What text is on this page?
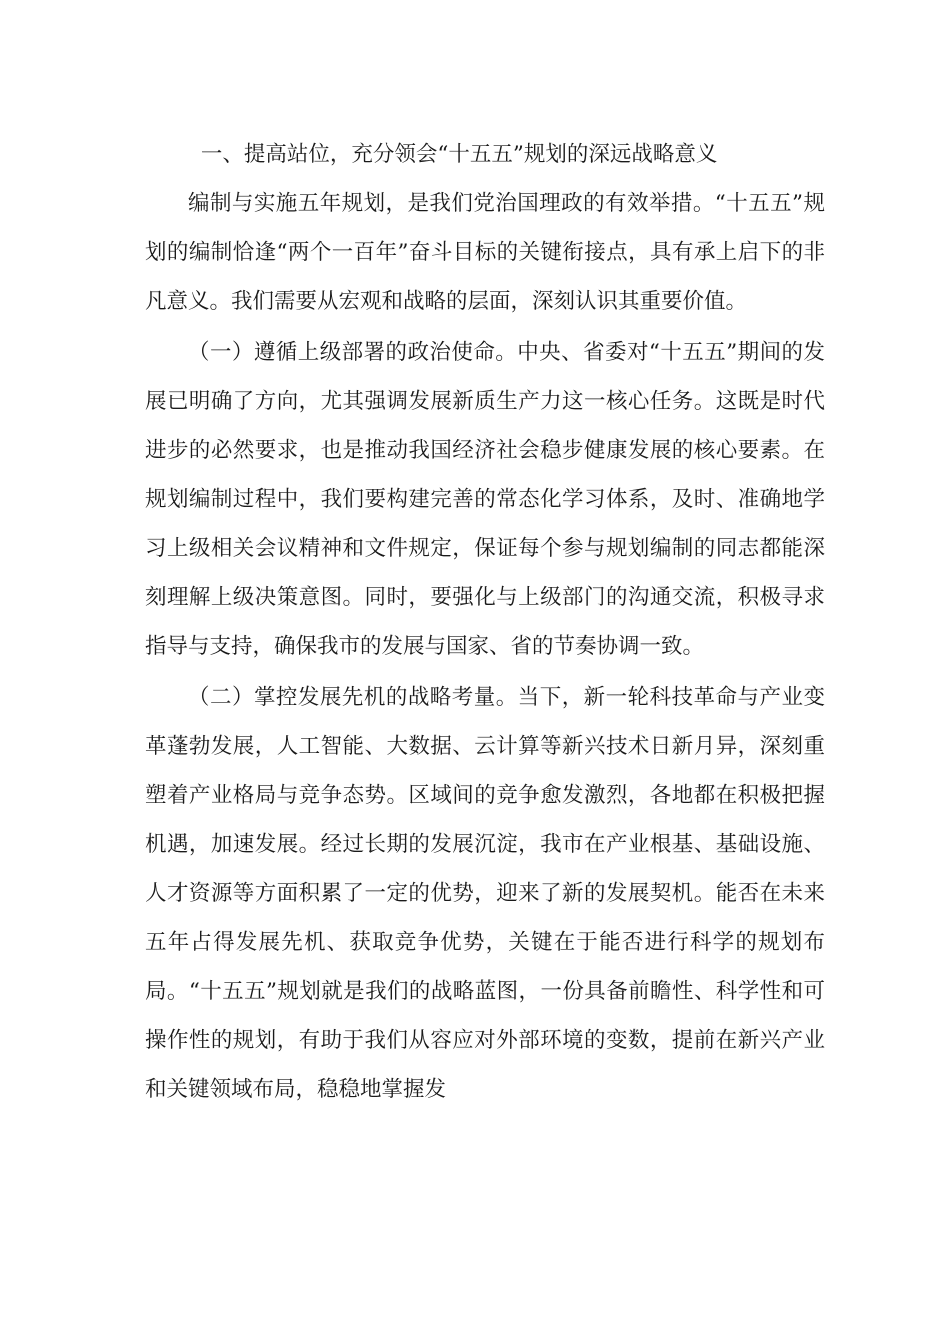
一、提高站位，充分领会“十五五”规划的深远战略意义

编制与实施五年规划，是我们党治国理政的有效举措。“十五五”规划的编制恰逢“两个一百年”奋斗目标的关键衔接点，具有承上启下的非凡意义。我们需要从宏观和战略的层面，深刻认识其重要价值。

（一）遵循上级部署的政治使命。中央、省委对“十五五”期间的发展已明确了方向，尤其强调发展新质生产力这一核心任务。这既是时代进步的必然要求，也是推动我国经济社会稳步健康发展的核心要素。在规划编制过程中，我们要构建完善的常态化学习体系，及时、准确地学习上级相关会议精神和文件规定，保证每个参与规划编制的同志都能深刻理解上级决策意图。同时，要强化与上级部门的沟通交流，积极寻求指导与支持，确保我市的发展与国家、省的节奏协调一致。

（二）掌控发展先机的战略考量。当下，新一轮科技革命与产业变革蓬勃发展，人工智能、大数据、云计算等新兴技术日新月异，深刻重塑着产业格局与竞争态势。区域间的竞争愈发激烈，各地都在积极把握机遇，加速发展。经过长期的发展沉淀，我市在产业根基、基础设施、人才资源等方面积累了一定的优势，迎来了新的发展契机。能否在未来五年占得发展先机、获取竞争优势，关键在于能否进行科学的规划布局。“十五五”规划就是我们的战略蓝图，一份具备前瞻性、科学性和可操作性的规划，有助于我们从容应对外部环境的变数，提前在新兴产业和关键领域布局，稳稳地掌握发
